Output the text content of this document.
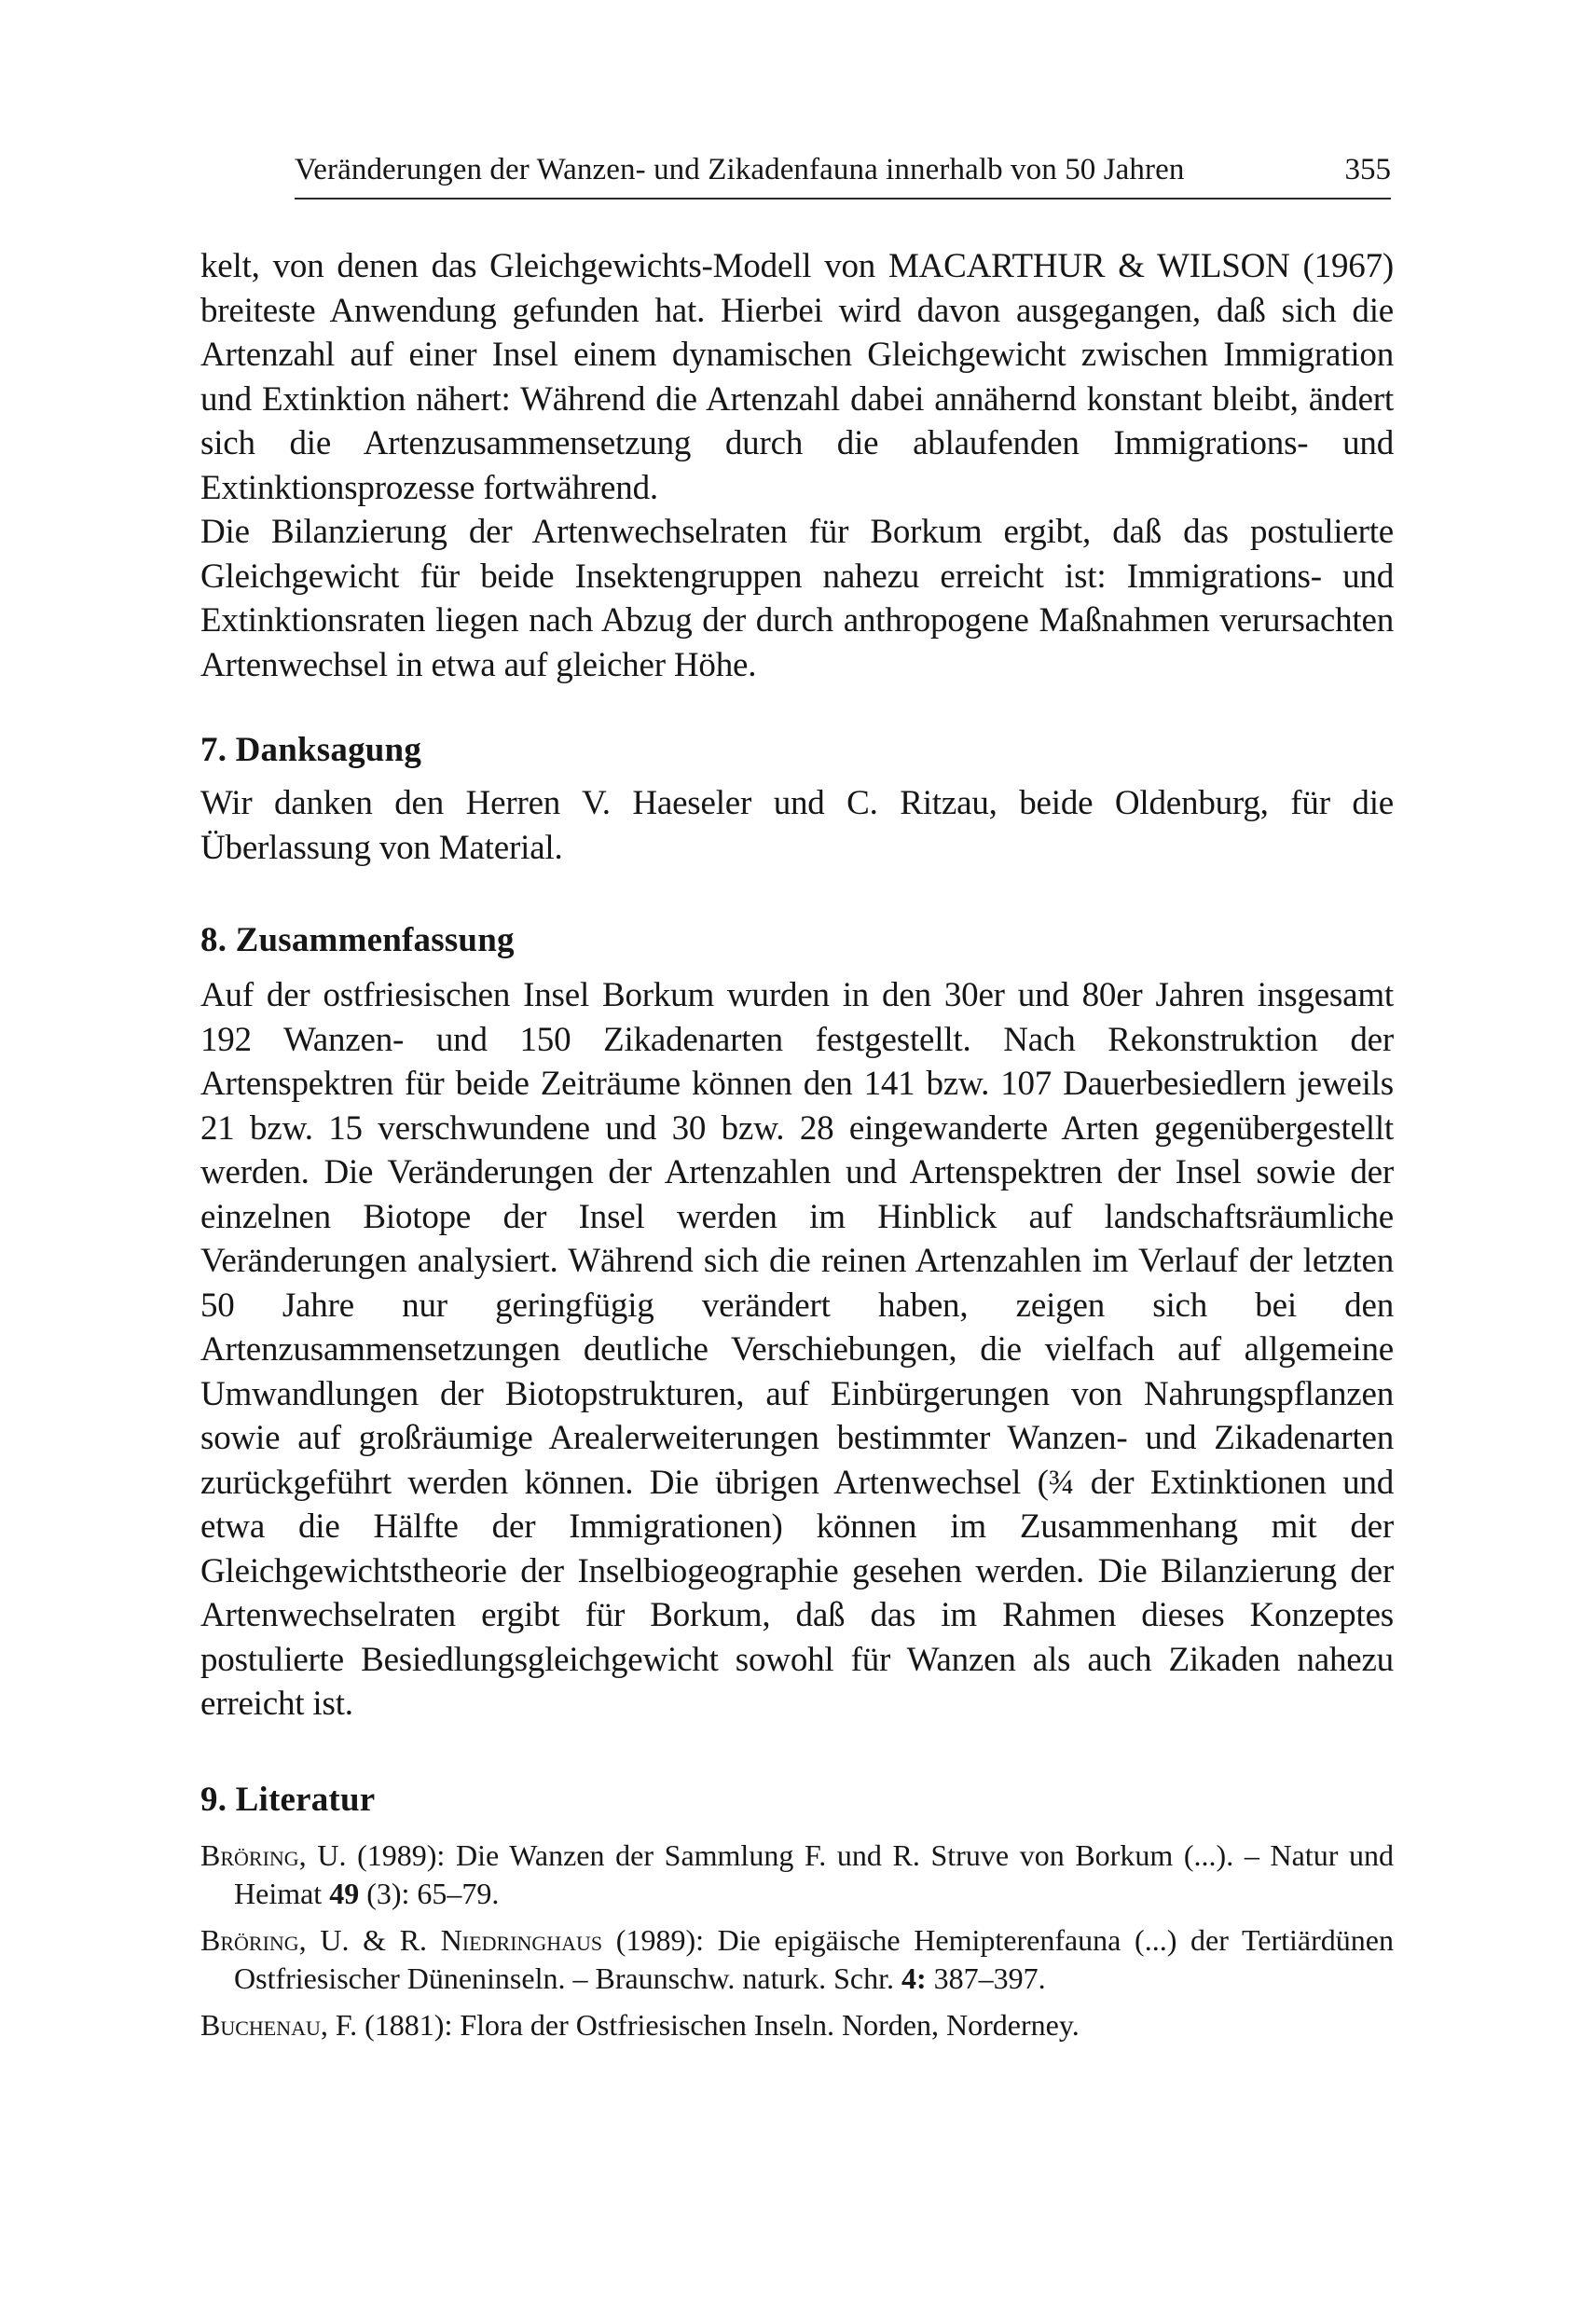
Veränderungen der Wanzen- und Zikadenfauna innerhalb von 50 Jahren	355

kelt, von denen das Gleichgewichts-Modell von MACARTHUR & WILSON (1967) breiteste Anwendung gefunden hat. Hierbei wird davon ausgegangen, daß sich die Artenzahl auf einer Insel einem dynamischen Gleichgewicht zwischen Immigration und Extinktion nähert: Während die Artenzahl dabei annähernd konstant bleibt, ändert sich die Artenzusammensetzung durch die ablaufenden Immigrations- und Extinktionsprozesse fortwährend.

Die Bilanzierung der Artenwechselraten für Borkum ergibt, daß das postulierte Gleichgewicht für beide Insektengruppen nahezu erreicht ist: Immigrations- und Extinktionsraten liegen nach Abzug der durch anthropogene Maßnahmen verursachten Artenwechsel in etwa auf gleicher Höhe.

7. Danksagung

Wir danken den Herren V. Haeseler und C. Ritzau, beide Oldenburg, für die Überlassung von Material.

8. Zusammenfassung

Auf der ostfriesischen Insel Borkum wurden in den 30er und 80er Jahren insgesamt 192 Wanzen- und 150 Zikadenarten festgestellt. Nach Rekonstruktion der Artenspektren für beide Zeiträume können den 141 bzw. 107 Dauerbesiedlern jeweils 21 bzw. 15 verschwundene und 30 bzw. 28 eingewanderte Arten gegenübergestellt werden. Die Veränderungen der Artenzahlen und Artenspektren der Insel sowie der einzelnen Biotope der Insel werden im Hinblick auf landschaftsräumliche Veränderungen analysiert. Während sich die reinen Artenzahlen im Verlauf der letzten 50 Jahre nur geringfügig verändert haben, zeigen sich bei den Artenzusammensetzungen deutliche Verschiebungen, die vielfach auf allgemeine Umwandlungen der Biotopstrukturen, auf Einbürgerungen von Nahrungspflanzen sowie auf großräumige Arealerweiterungen bestimmter Wanzen- und Zikadenarten zurückgeführt werden können. Die übrigen Artenwechsel (¾ der Extinktionen und etwa die Hälfte der Immigrationen) können im Zusammenhang mit der Gleichgewichtstheorie der Inselbiogeographie gesehen werden. Die Bilanzierung der Artenwechselraten ergibt für Borkum, daß das im Rahmen dieses Konzeptes postulierte Besiedlungsgleichgewicht sowohl für Wanzen als auch Zikaden nahezu erreicht ist.

9. Literatur

Bröring, U. (1989): Die Wanzen der Sammlung F. und R. Struve von Borkum (...). – Natur und Heimat 49 (3): 65–79.

Bröring, U. & R. Niedringhaus (1989): Die epigäische Hemipterenfauna (...) der Tertiärdünen Ostfriesischer Düneninseln. – Braunschw. naturk. Schr. 4: 387–397.

Buchenau, F. (1881): Flora der Ostfriesischen Inseln. Norden, Norderney.
